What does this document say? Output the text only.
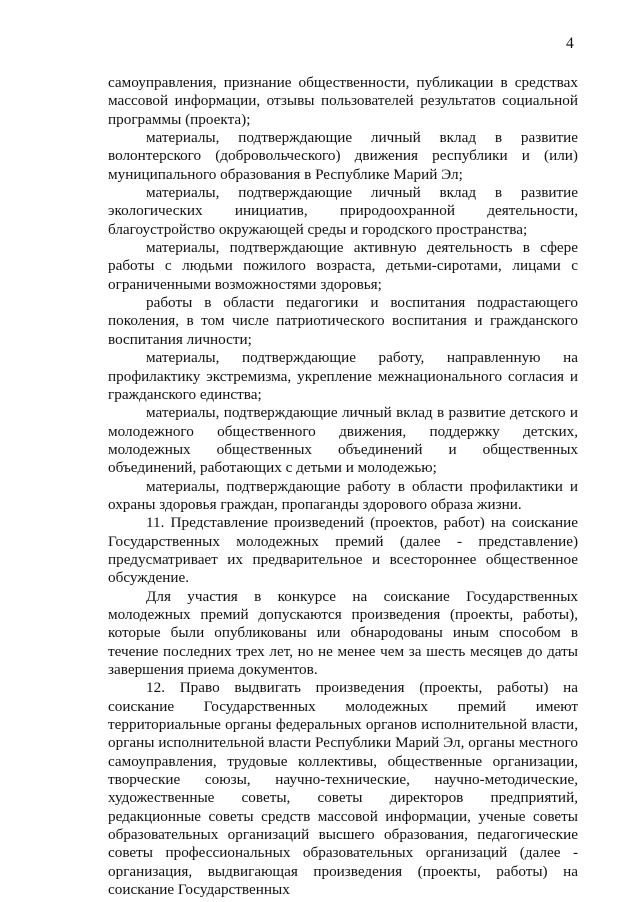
4

самоуправления, признание общественности, публикации в средствах массовой информации, отзывы пользователей результатов социальной программы (проекта);

материалы, подтверждающие личный вклад в развитие волонтерского (добровольческого) движения республики и (или) муниципального образования в Республике Марий Эл;

материалы, подтверждающие личный вклад в развитие экологических инициатив, природоохранной деятельности, благоустройство окружающей среды и городского пространства;

материалы, подтверждающие активную деятельность в сфере работы с людьми пожилого возраста, детьми-сиротами, лицами с ограниченными возможностями здоровья;

работы в области педагогики и воспитания подрастающего поколения, в том числе патриотического воспитания и гражданского воспитания личности;

материалы, подтверждающие работу, направленную на профилактику экстремизма, укрепление межнационального согласия и гражданского единства;

материалы, подтверждающие личный вклад в развитие детского и молодежного общественного движения, поддержку детских, молодежных общественных объединений и общественных объединений, работающих с детьми и молодежью;

материалы, подтверждающие работу в области профилактики и охраны здоровья граждан, пропаганды здорового образа жизни.

11. Представление произведений (проектов, работ) на соискание Государственных молодежных премий (далее - представление) предусматривает их предварительное и всестороннее общественное обсуждение.

Для участия в конкурсе на соискание Государственных молодежных премий допускаются произведения (проекты, работы), которые были опубликованы или обнародованы иным способом в течение последних трех лет, но не менее чем за шесть месяцев до даты завершения приема документов.

12. Право выдвигать произведения (проекты, работы) на соискание Государственных молодежных премий имеют территориальные органы федеральных органов исполнительной власти, органы исполнительной власти Республики Марий Эл, органы местного самоуправления, трудовые коллективы, общественные организации, творческие союзы, научно-технические, научно-методические, художественные советы, советы директоров предприятий, редакционные советы средств массовой информации, ученые советы образовательных организаций высшего образования, педагогические советы профессиональных образовательных организаций (далее - организация, выдвигающая произведения (проекты, работы) на соискание Государственных
